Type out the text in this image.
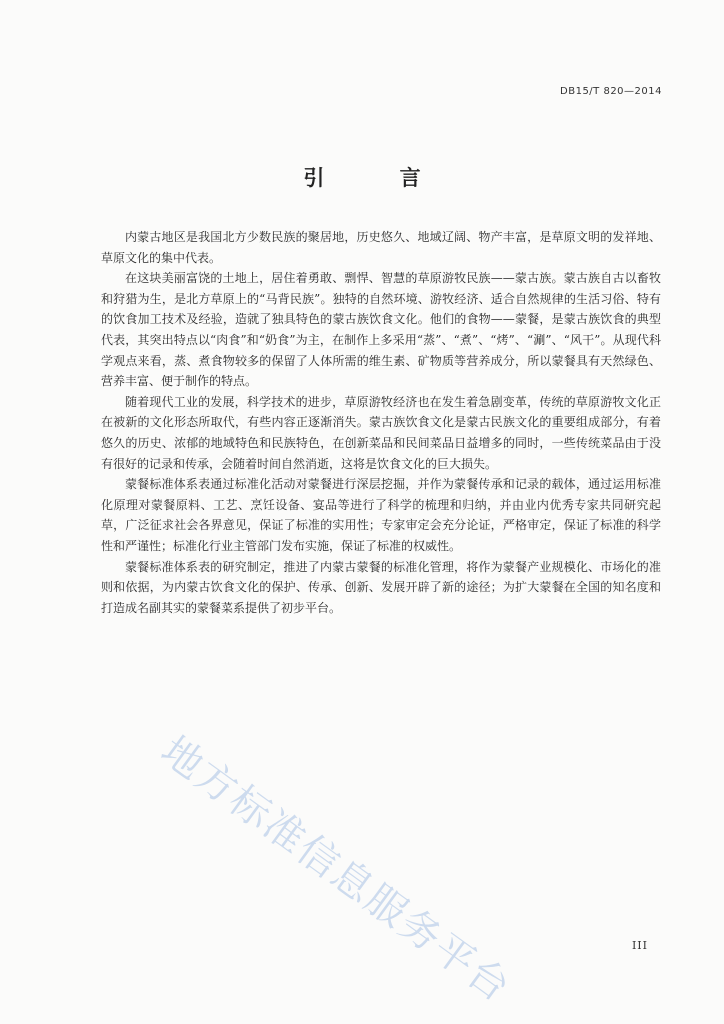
DB15/T 820—2014
引 言

内蒙古地区是我国北方少数民族的聚居地，历史悠久、地域辽阔、物产丰富，是草原文明的发祥地、草原文化的集中代表。

在这块美丽富饶的土地上，居住着勇敢、剽悍、智慧的草原游牧民族——蒙古族。蒙古族自古以畜牧和狩猎为生，是北方草原上的“马背民族”。独特的自然环境、游牧经济、适合自然规律的生活习俗、特有的饮食加工技术及经验，造就了独具特色的蒙古族饮食文化。他们的食物——蒙餐，是蒙古族饮食的典型代表，其突出特点以“肉食”和“奶食”为主，在制作上多采用“蒸”、“煮”、“烤”、“涮”、“风干”。从现代科学观点来看，蒸、煮食物较多的保留了人体所需的维生素、矿物质等营养成分，所以蒙餐具有天然绿色、营养丰富、便于制作的特点。

随着现代工业的发展，科学技术的进步，草原游牧经济也在发生着急剧变革，传统的草原游牧文化正在被新的文化形态所取代，有些内容正逐渐消失。蒙古族饮食文化是蒙古民族文化的重要组成部分，有着悠久的历史、浓郁的地域特色和民族特色，在创新菜品和民间菜品日益增多的同时，一些传统菜品由于没有很好的记录和传承，会随着时间自然消逝，这将是饮食文化的巨大损失。

蒙餐标准体系表通过标准化活动对蒙餐进行深层挖掘，并作为蒙餐传承和记录的载体，通过运用标准化原理对蒙餐原料、工艺、烹饪设备、宴品等进行了科学的梳理和归纳，并由业内优秀专家共同研究起草，广泛征求社会各界意见，保证了标准的实用性；专家审定会充分论证，严格审定，保证了标准的科学性和严谨性；标准化行业主管部门发布实施，保证了标准的权威性。

蒙餐标准体系表的研究制定，推进了内蒙古蒙餐的标准化管理，将作为蒙餐产业规模化、市场化的准则和依据，为内蒙古饮食文化的保护、传承、创新、发展开辟了新的途径；为扩大蒙餐在全国的知名度和打造成名副其实的蒙餐菜系提供了初步平台。

地方标准信息服务平台	III
